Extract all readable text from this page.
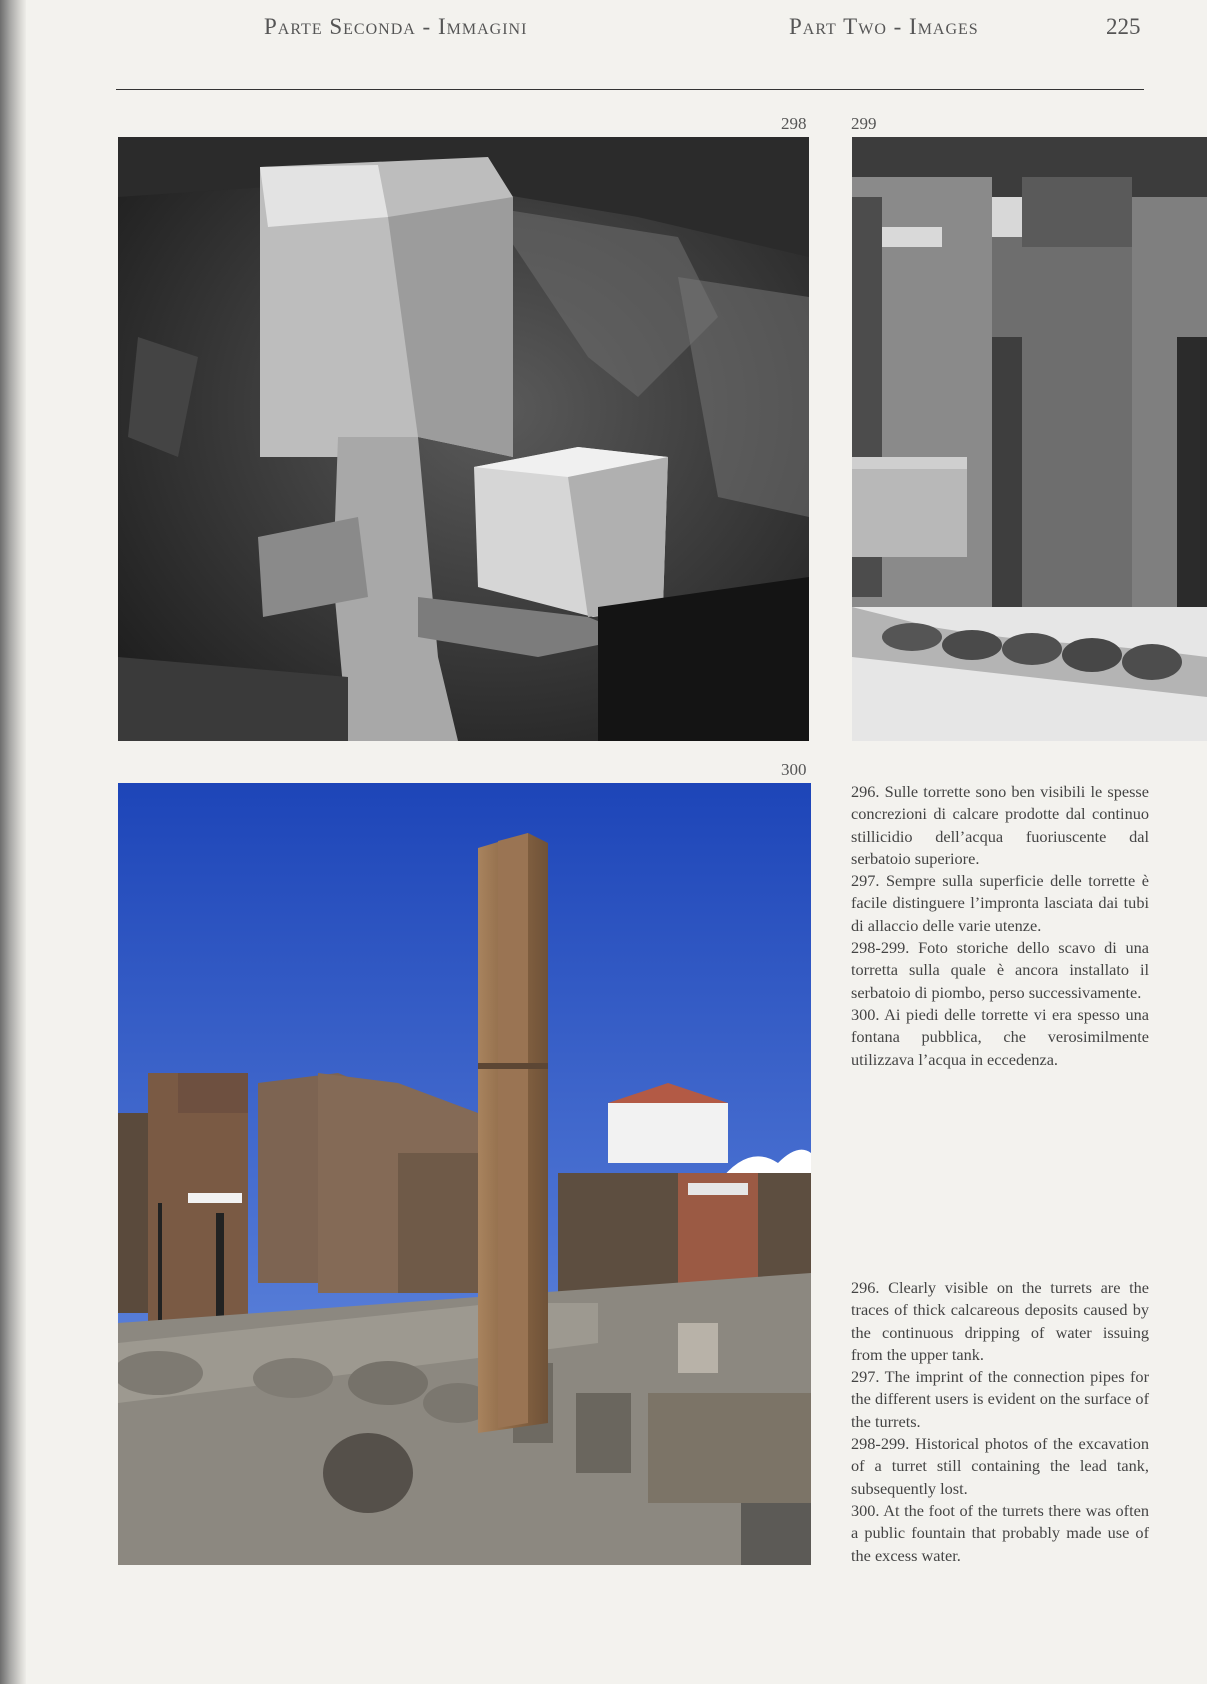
Parte Seconda - Immagini	Part Two - Images	225
298	299
300

296. Sulle torrette sono ben visibili le spesse concrezioni di calcare prodotte dal continuo stillicidio dell’acqua fuoriuscente dal serbatoio superiore.

297. Sempre sulla superficie delle torrette è facile distinguere l’impronta lasciata dai tubi di allaccio delle varie utenze.

298-299. Foto storiche dello scavo di una torretta sulla quale è ancora installato il serbatoio di piombo, perso successivamente.

300. Ai piedi delle torrette vi era spesso una fontana pubblica, che verosimilmente utilizzava l’acqua in eccedenza.

296. Clearly visible on the turrets are the traces of thick calcareous deposits caused by the continuous dripping of water issuing from the upper tank.

297. The imprint of the connection pipes for the different users is evident on the surface of the turrets.

298-299. Historical photos of the excavation of a turret still containing the lead tank, subsequently lost.

300. At the foot of the turrets there was often a public fountain that probably made use of the excess water.
